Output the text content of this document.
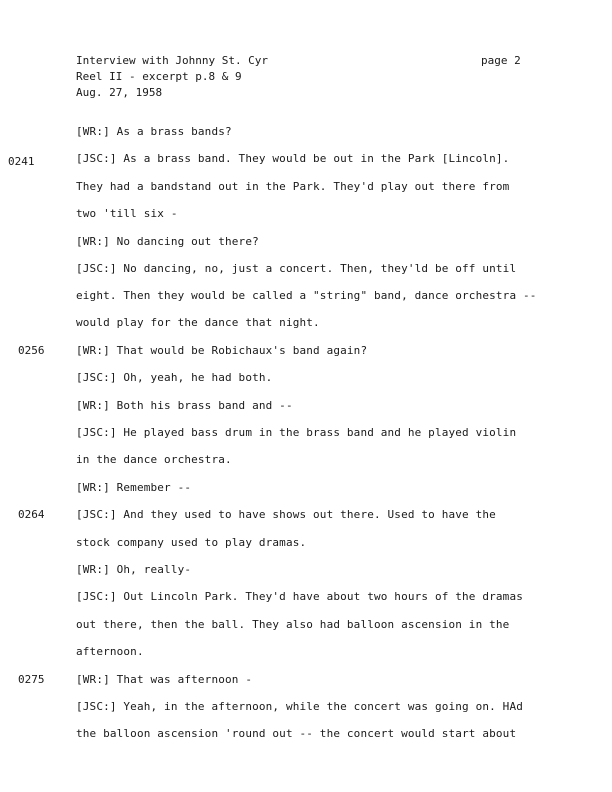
Interview with Johnny St. Cyr
Reel II - excerpt p.8 & 9
Aug. 27, 1958
page 2
0241
0256
0264
0275
[WR:] As a brass bands?
[JSC:] As a brass band. They would be out in the Park [Lincoln].
They had a bandstand out in the Park. They'd play out there from
two 'till six -
[WR:] No dancing out there?
[JSC:] No dancing, no, just a concert. Then, they'ld be off until
eight. Then they would be called a "string" band, dance orchestra --
would play for the dance that night.
[WR:] That would be Robichaux's band again?
[JSC:] Oh, yeah, he had both.
[WR:] Both his brass band and --
[JSC:] He played bass drum in the brass band and he played violin
in the dance orchestra.
[WR:] Remember --
[JSC:] And they used to have shows out there. Used to have the
stock company used to play dramas.
[WR:] Oh, really-
[JSC:] Out Lincoln Park. They'd have about two hours of the dramas
out there, then the ball. They also had balloon ascension in the
afternoon.
[WR:] That was afternoon -
[JSC:] Yeah, in the afternoon, while the concert was going on. HAd
the balloon ascension 'round out -- the concert would start about
